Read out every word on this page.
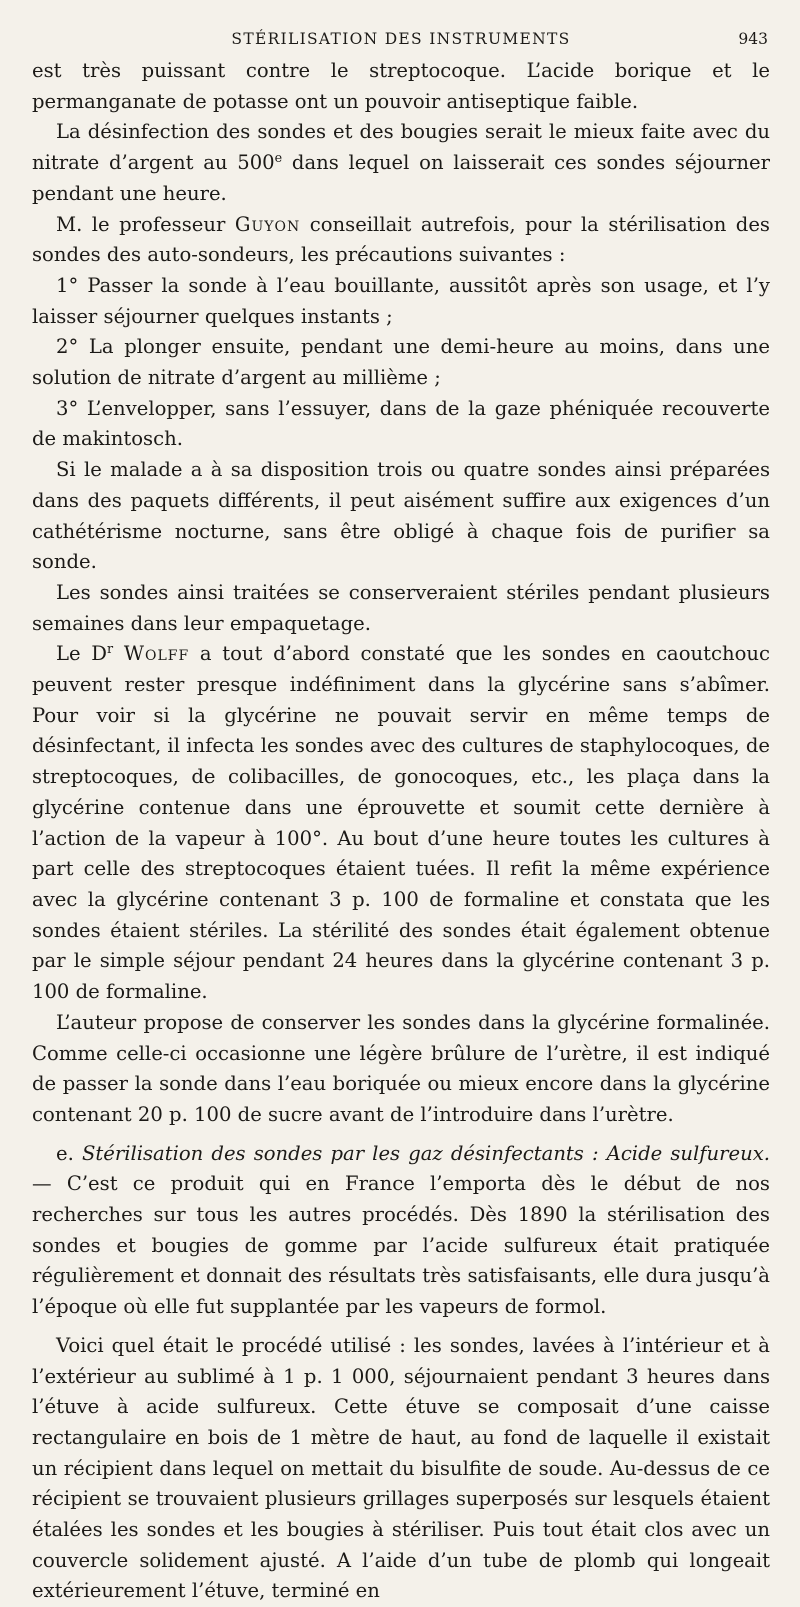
STÉRILISATION DES INSTRUMENTS	943

est très puissant contre le streptocoque. L’acide borique et le permanganate de potasse ont un pouvoir antiseptique faible.

La désinfection des sondes et des bougies serait le mieux faite avec du nitrate d’argent au 500e dans lequel on laisserait ces sondes séjourner pendant une heure.

M. le professeur Guyon conseillait autrefois, pour la stérilisation des sondes des auto-sondeurs, les précautions suivantes :

1° Passer la sonde à l’eau bouillante, aussitôt après son usage, et l’y laisser séjourner quelques instants ;

2° La plonger ensuite, pendant une demi-heure au moins, dans une solution de nitrate d’argent au millième ;

3° L’envelopper, sans l’essuyer, dans de la gaze phéniquée recouverte de makintosch.

Si le malade a à sa disposition trois ou quatre sondes ainsi préparées dans des paquets différents, il peut aisément suffire aux exigences d’un cathétérisme nocturne, sans être obligé à chaque fois de purifier sa sonde.

Les sondes ainsi traitées se conserveraient stériles pendant plusieurs semaines dans leur empaquetage.

Le $D^r$ Wolff a tout d’abord constaté que les sondes en caoutchouc peuvent rester presque indéfiniment dans la glycérine sans s’abîmer. Pour voir si la glycérine ne pouvait servir en même temps de désinfectant, il infecta les sondes avec des cultures de staphylocoques, de streptocoques, de colibacilles, de gonocoques, etc., les plaça dans la glycérine contenue dans une éprouvette et soumit cette dernière à l’action de la vapeur à 100°. Au bout d’une heure toutes les cultures à part celle des streptocoques étaient tuées. Il refit la même expérience avec la glycérine contenant 3 p. 100 de formaline et constata que les sondes étaient stériles. La stérilité des sondes était également obtenue par le simple séjour pendant 24 heures dans la glycérine contenant 3 p. 100 de formaline.

L’auteur propose de conserver les sondes dans la glycérine formalinée. Comme celle-ci occasionne une légère brûlure de l’urètre, il est indiqué de passer la sonde dans l’eau boriquée ou mieux encore dans la glycérine contenant 20 p. 100 de sucre avant de l’introduire dans l’urètre.

e. Stérilisation des sondes par les gaz désinfectants : Acide sulfureux. — C’est ce produit qui en France l’emporta dès le début de nos recherches sur tous les autres procédés. Dès 1890 la stérilisation des sondes et bougies de gomme par l’acide sulfureux était pratiquée régulièrement et donnait des résultats très satisfaisants, elle dura jusqu’à l’époque où elle fut supplantée par les vapeurs de formol.

Voici quel était le procédé utilisé : les sondes, lavées à l’intérieur et à l’extérieur au sublimé à 1 p. 1 000, séjournaient pendant 3 heures dans l’étuve à acide sulfureux. Cette étuve se composait d’une caisse rectangulaire en bois de 1 mètre de haut, au fond de laquelle il existait un récipient dans lequel on mettait du bisulfite de soude. Au-dessus de ce récipient se trouvaient plusieurs grillages superposés sur lesquels étaient étalées les sondes et les bougies à stériliser. Puis tout était clos avec un couvercle solidement ajusté. A l’aide d’un tube de plomb qui longeait extérieurement l’étuve, terminé en
